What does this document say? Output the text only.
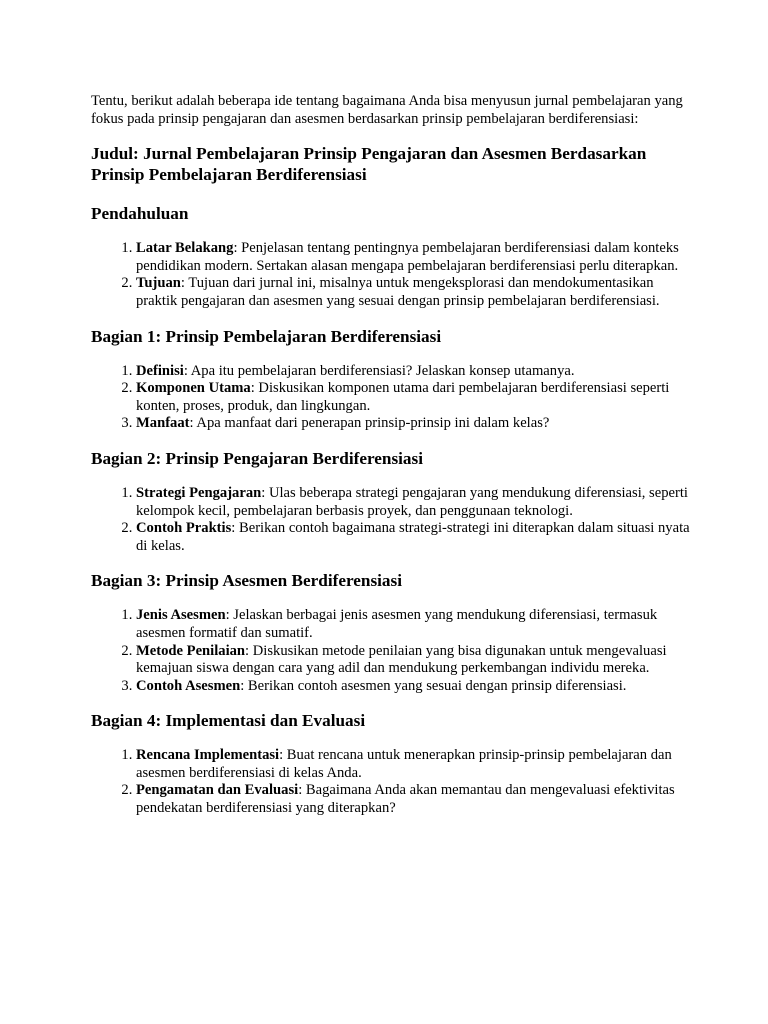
Tentu, berikut adalah beberapa ide tentang bagaimana Anda bisa menyusun jurnal pembelajaran yang fokus pada prinsip pengajaran dan asesmen berdasarkan prinsip pembelajaran berdiferensiasi:

Judul: Jurnal Pembelajaran Prinsip Pengajaran dan Asesmen Berdasarkan Prinsip Pembelajaran Berdiferensiasi
Pendahuluan
1. Latar Belakang: Penjelasan tentang pentingnya pembelajaran berdiferensiasi dalam konteks pendidikan modern. Sertakan alasan mengapa pembelajaran berdiferensiasi perlu diterapkan.
2. Tujuan: Tujuan dari jurnal ini, misalnya untuk mengeksplorasi dan mendokumentasikan praktik pengajaran dan asesmen yang sesuai dengan prinsip pembelajaran berdiferensiasi.
Bagian 1: Prinsip Pembelajaran Berdiferensiasi
1. Definisi: Apa itu pembelajaran berdiferensiasi? Jelaskan konsep utamanya.
2. Komponen Utama: Diskusikan komponen utama dari pembelajaran berdiferensiasi seperti konten, proses, produk, dan lingkungan.
3. Manfaat: Apa manfaat dari penerapan prinsip-prinsip ini dalam kelas?
Bagian 2: Prinsip Pengajaran Berdiferensiasi
1. Strategi Pengajaran: Ulas beberapa strategi pengajaran yang mendukung diferensiasi, seperti kelompok kecil, pembelajaran berbasis proyek, dan penggunaan teknologi.
2. Contoh Praktis: Berikan contoh bagaimana strategi-strategi ini diterapkan dalam situasi nyata di kelas.
Bagian 3: Prinsip Asesmen Berdiferensiasi
1. Jenis Asesmen: Jelaskan berbagai jenis asesmen yang mendukung diferensiasi, termasuk asesmen formatif dan sumatif.
2. Metode Penilaian: Diskusikan metode penilaian yang bisa digunakan untuk mengevaluasi kemajuan siswa dengan cara yang adil dan mendukung perkembangan individu mereka.
3. Contoh Asesmen: Berikan contoh asesmen yang sesuai dengan prinsip diferensiasi.
Bagian 4: Implementasi dan Evaluasi
1. Rencana Implementasi: Buat rencana untuk menerapkan prinsip-prinsip pembelajaran dan asesmen berdiferensiasi di kelas Anda.
2. Pengamatan dan Evaluasi: Bagaimana Anda akan memantau dan mengevaluasi efektivitas pendekatan berdiferensiasi yang diterapkan?
